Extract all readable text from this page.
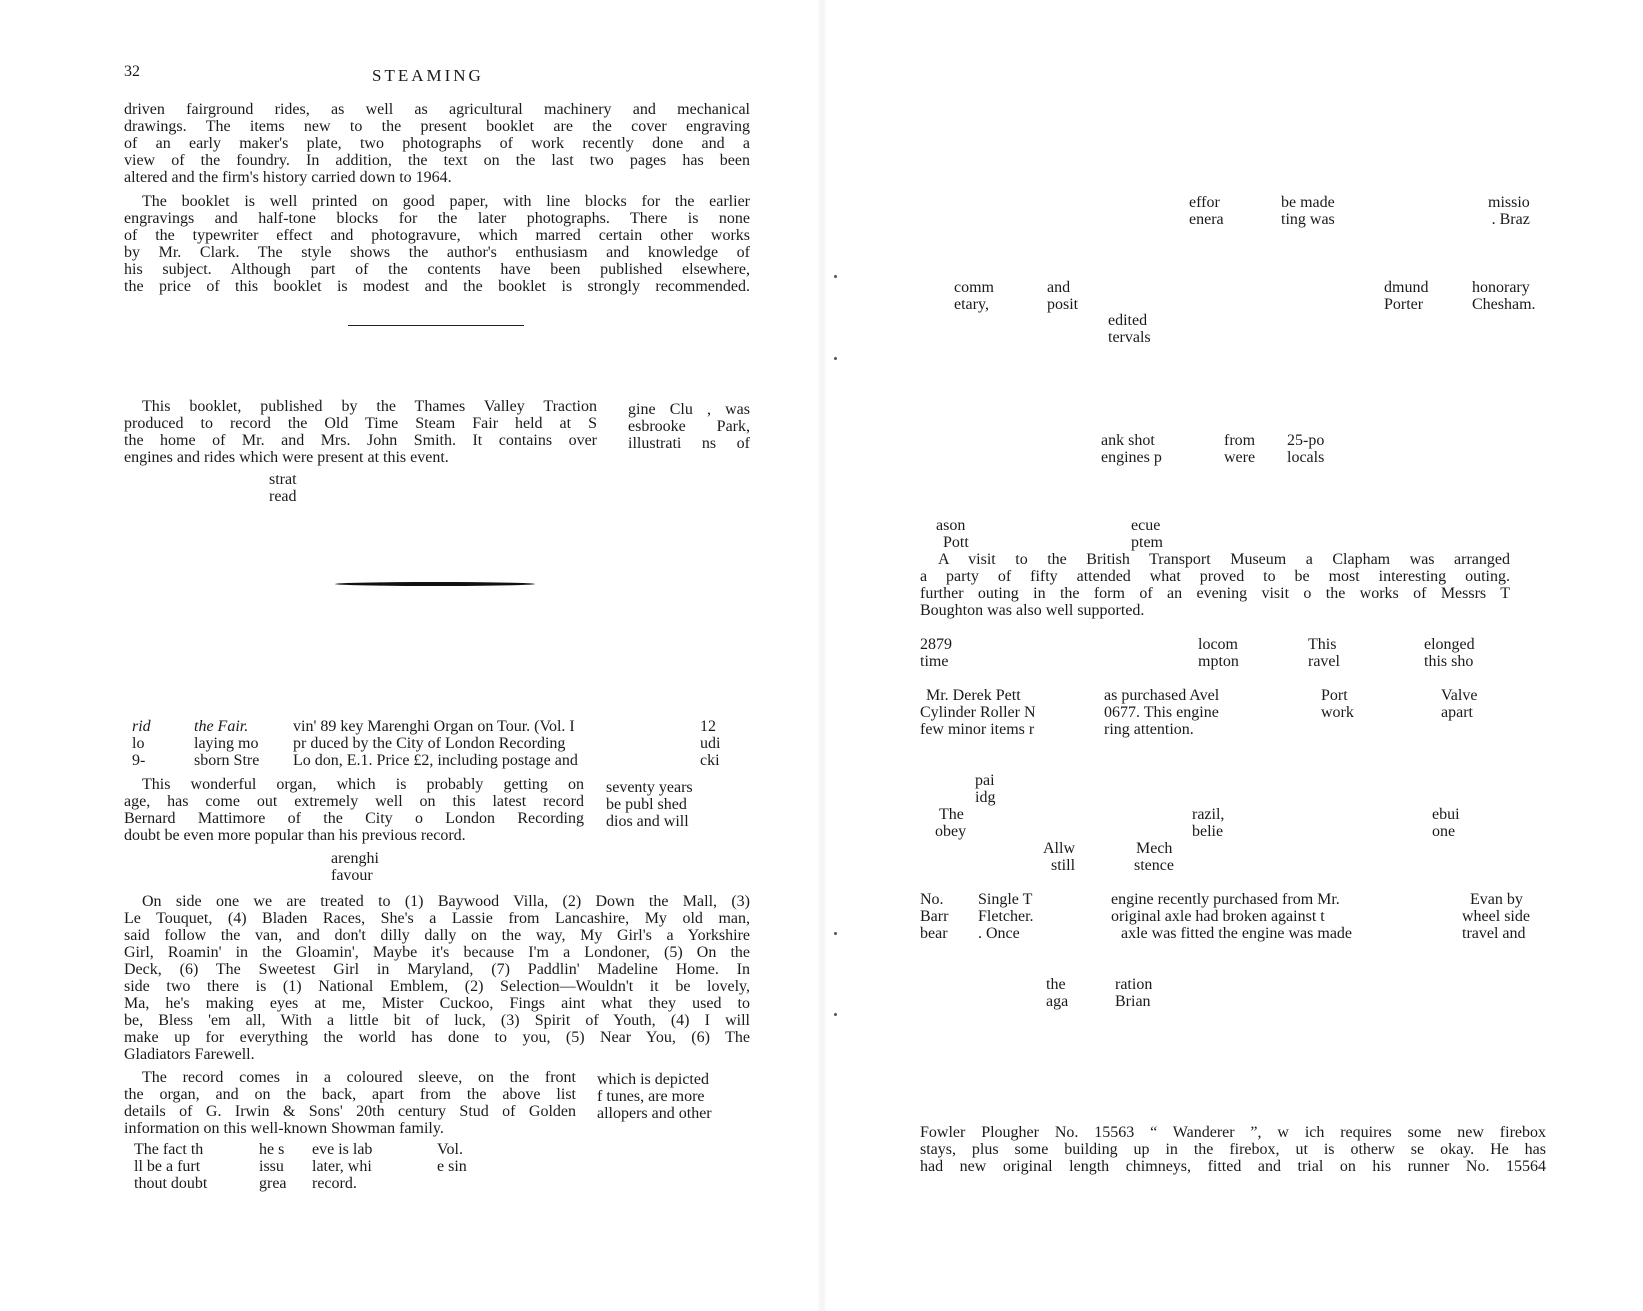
32	STEAMING
driven fairground rides, as well as agricultural machinery and mechanical
drawings. The items new to the present booklet are the cover engraving
of an early maker's plate, two photographs of work recently done and a
view of the foundry. In addition, the text on the last two pages has been
altered and the firm's history carried down to 1964.
The booklet is well printed on good paper, with line blocks for the earlier
engravings and half-tone blocks for the later photographs. There is none
of the typewriter effect and photogravure, which marred certain other works
by Mr. Clark. The style shows the author's enthusiasm and knowledge of
his subject. Although part of the contents have been published elsewhere,
the price of this booklet is modest and the booklet is strongly recommended.
This booklet, published by the Thames Valley Traction
produced to record the Old Time Steam Fair held at S
the home of Mr. and Mrs. John Smith. It contains over
engines and rides which were present at this event.
gine Clu , was
esbrooke Park,
illustrati ns of
strat
read
rid
lo
9-
the Fair.
laying mo
sborn Stre
vin' 89 key Marenghi Organ on Tour. (Vol. I
pr duced by the City of London Recording
Lo don, E.1. Price £2, including postage and
12
udi
cki
This wonderful organ, which is probably getting on
age, has come out extremely well on this latest record
Bernard Mattimore of the City o London Recording
doubt be even more popular than his previous record.
seventy years
be publ shed
dios and will
arenghi
favour
On side one we are treated to (1) Baywood Villa, (2) Down the Mall, (3)
Le Touquet, (4) Bladen Races, She's a Lassie from Lancashire, My old man,
said follow the van, and don't dilly dally on the way, My Girl's a Yorkshire
Girl, Roamin' in the Gloamin', Maybe it's because I'm a Londoner, (5) On the
Deck, (6) The Sweetest Girl in Maryland, (7) Paddlin' Madeline Home. In
side two there is (1) National Emblem, (2) Selection—Wouldn't it be lovely,
Ma, he's making eyes at me, Mister Cuckoo, Fings aint what they used to
be, Bless 'em all, With a little bit of luck, (3) Spirit of Youth, (4) I will
make up for everything the world has done to you, (5) Near You, (6) The
Gladiators Farewell.
The record comes in a coloured sleeve, on the front
the organ, and on the back, apart from the above list
details of G. Irwin & Sons' 20th century Stud of Golden
information on this well-known Showman family.
which is depicted
f tunes, are more
allopers and other
The fact th
ll be a furt
thout doubt
he s
issu
grea
eve is lab
later, whi
record.
Vol.
e sin
effor
enera
be made
ting was
missio
. Braz
comm
etary,
and
posit
edited
tervals
dmund
Porter
honorary
Chesham.
ank shot
engines p
from
were
25-po
locals
ason
Pott
ecue
ptem
A visit to the British Transport Museum a Clapham was arranged
a party of fifty attended what proved to be most interesting outing.
further outing in the form of an evening visit o the works of Messrs T
Boughton was also well supported.
2879
time
locom
mpton
This
ravel
elonged
this sho
Mr. Derek Pett
Cylinder Roller N
few minor items r
as purchased Avel
0677. This engine
ring attention.
Port
work
Valve
apart
pai
idg
The
obey
razil,
belie
ebui
one
Allw
still
Mech
stence
No.
Barr
bear
Single T
Fletcher.
. Once
engine recently purchased from Mr.
original axle had broken against t
axle was fitted the engine was made
Evan by
wheel side
travel and
the
aga
ration
Brian
Fowler Plougher No. 15563 “ Wanderer ”, w ich requires some new firebox
stays, plus some building up in the firebox, ut is otherw se okay. He has
had new original length chimneys, fitted and trial on his runner No. 15564
